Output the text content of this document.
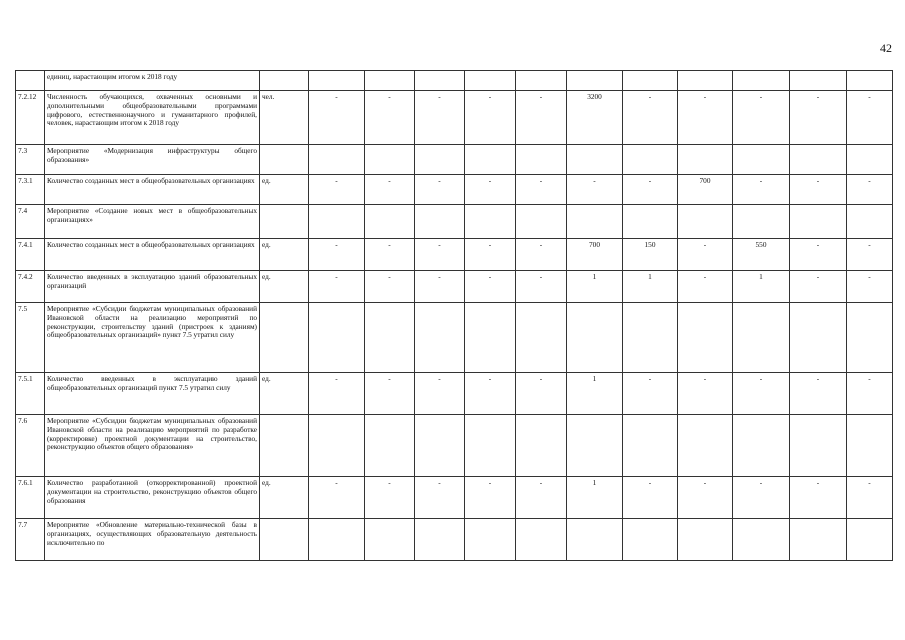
42
	единиц, нарастающим итогом к 2018 году												
7.2.12	Численность обучающихся, охваченных основными и дополнительными общеобразовательными программами цифрового, естественнонаучного и гуманитарного профилей, человек, нарастающим итогом к 2018 году	чел.	-	-	-	-	-	3200	-	-	-	-	-
7.3	Мероприятие «Модернизация инфраструктуры общего образования»												
7.3.1	Количество созданных мест в общеобразовательных организациях	ед.	-	-	-	-	-	-	-	700	-	-	-
7.4	Мероприятие «Создание новых мест в общеобразовательных организациях»												
7.4.1	Количество созданных мест в общеобразовательных организациях	ед.	-	-	-	-	-	700	150	-	550	-	-
7.4.2	Количество введенных в эксплуатацию зданий образовательных организаций	ед.	-	-	-	-	-	1	1	-	1	-	-
7.5	Мероприятие «Субсидии бюджетам муниципальных образований Ивановской области на реализацию мероприятий по реконструкции, строительству зданий (пристроек к зданиям) общеобразовательных организаций» пункт 7.5 утратил силу												
7.5.1	Количество введенных в эксплуатацию зданий общеобразовательных организаций пункт 7.5 утратил силу	ед.	-	-	-	-	-	1	-	-	-	-	-
7.6	Мероприятие «Субсидии бюджетам муниципальных образований Ивановской области на реализацию мероприятий по разработке (корректировке) проектной документации на строительство, реконструкцию объектов общего образования»												
7.6.1	Количество разработанной (откорректированной) проектной документации на строительство, реконструкцию объектов общего образования	ед.	-	-	-	-	-	1	-	-	-	-	-
7.7	Мероприятие «Обновление материально-технической базы в организациях, осуществляющих образовательную деятельность исключительно по												
